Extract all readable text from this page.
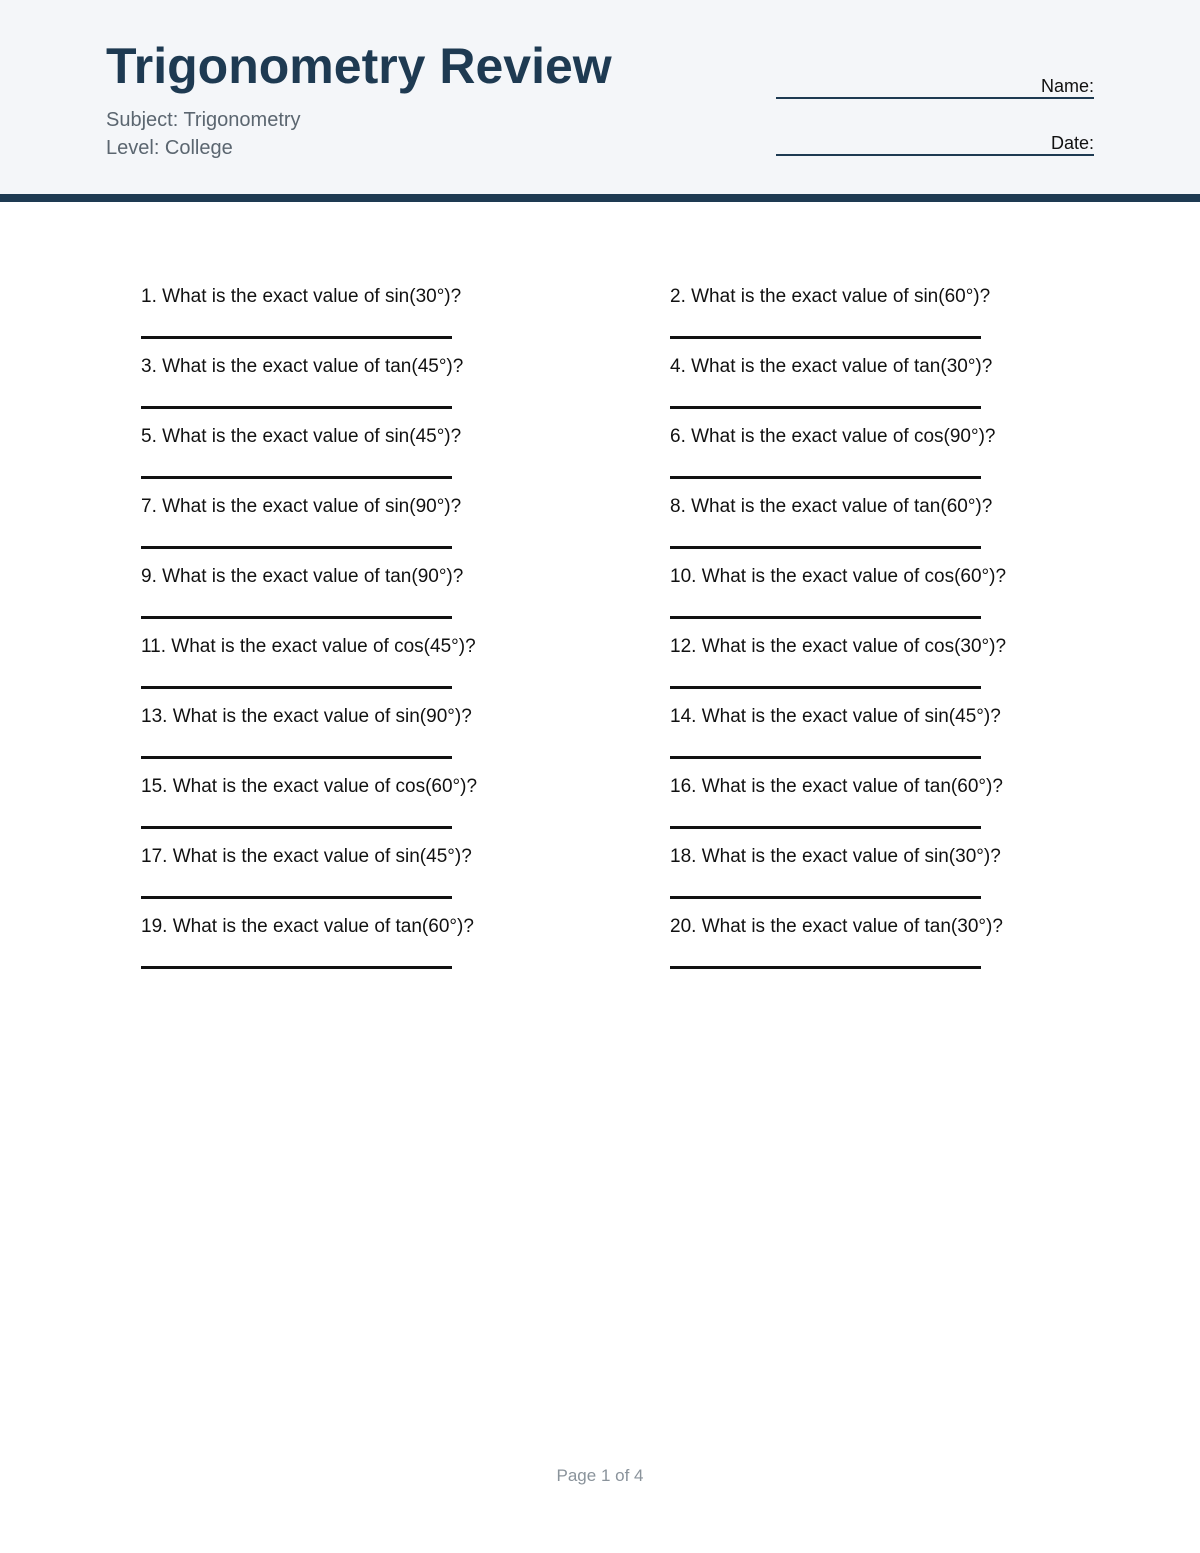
Trigonometry Review
Subject: Trigonometry
Level: College
Name:
Date:
1. What is the exact value of sin(30°)?	2. What is the exact value of sin(60°)?
3. What is the exact value of tan(45°)?	4. What is the exact value of tan(30°)?
5. What is the exact value of sin(45°)?	6. What is the exact value of cos(90°)?
7. What is the exact value of sin(90°)?	8. What is the exact value of tan(60°)?
9. What is the exact value of tan(90°)?	10. What is the exact value of cos(60°)?
11. What is the exact value of cos(45°)?	12. What is the exact value of cos(30°)?
13. What is the exact value of sin(90°)?	14. What is the exact value of sin(45°)?
15. What is the exact value of cos(60°)?	16. What is the exact value of tan(60°)?
17. What is the exact value of sin(45°)?	18. What is the exact value of sin(30°)?
19. What is the exact value of tan(60°)?	20. What is the exact value of tan(30°)?
Page 1 of 4
